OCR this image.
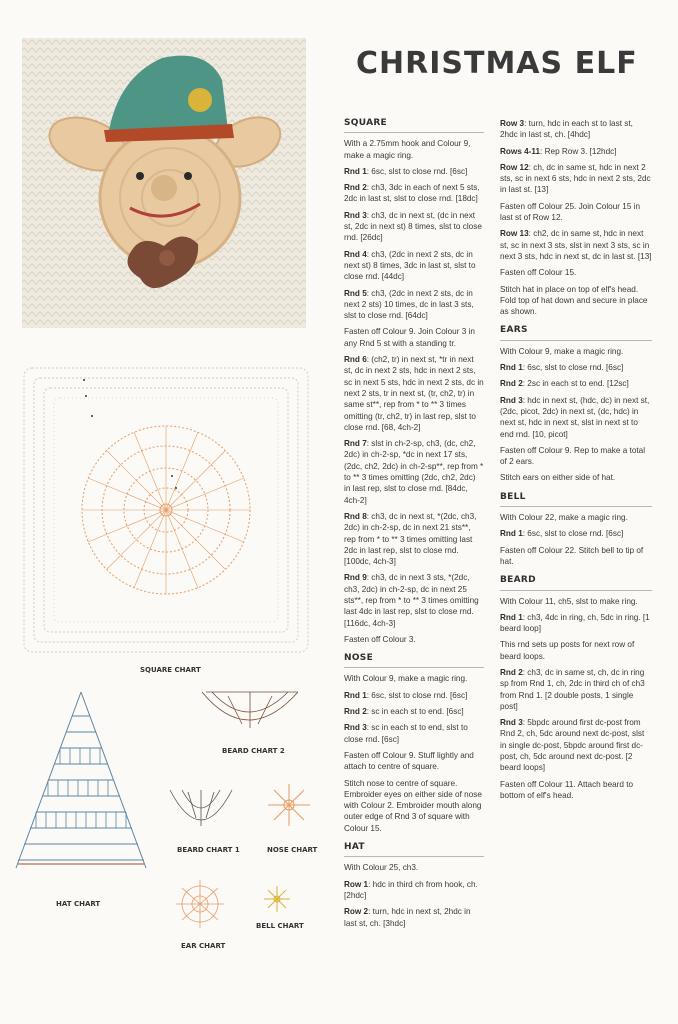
CHRISTMAS ELF
SQUARE CHART
HAT CHART
BEARD CHART 2
BEARD CHART 1	NOSE CHART
EAR CHART
BELL CHART
SQUARE

With a 2.75mm hook and Colour 9, make a magic ring.

Rnd 1: 6sc, slst to close rnd. [6sc]

Rnd 2: ch3, 3dc in each of next 5 sts, 2dc in last st, slst to close rnd. [18dc]

Rnd 3: ch3, dc in next st, (dc in next st, 2dc in next st) 8 times, slst to close rnd. [26dc]

Rnd 4: ch3, (2dc in next 2 sts, dc in next st) 8 times, 3dc in last st, slst to close rnd. [44dc]

Rnd 5: ch3, (2dc in next 2 sts, dc in next 2 sts) 10 times, dc in last 3 sts, slst to close rnd. [64dc]

Fasten off Colour 9. Join Colour 3 in any Rnd 5 st with a standing tr.

Rnd 6: (ch2, tr) in next st, *tr in next st, dc in next 2 sts, hdc in next 2 sts, sc in next 5 sts, hdc in next 2 sts, dc in next 2 sts, tr in next st, (tr, ch2, tr) in same st**, rep from * to ** 3 times omitting (tr, ch2, tr) in last rep, slst to close rnd. [68, 4ch-2]

Rnd 7: slst in ch-2-sp, ch3, (dc, ch2, 2dc) in ch-2-sp, *dc in next 17 sts, (2dc, ch2, 2dc) in ch-2-sp**, rep from * to ** 3 times omitting (2dc, ch2, 2dc) in last rep, slst to close rnd. [84dc, 4ch-2]

Rnd 8: ch3, dc in next st, *(2dc, ch3, 2dc) in ch-2-sp, dc in next 21 sts**, rep from * to ** 3 times omitting last 2dc in last rep, slst to close rnd. [100dc, 4ch-3]

Rnd 9: ch3, dc in next 3 sts, *(2dc, ch3, 2dc) in ch-2-sp, dc in next 25 sts**, rep from * to ** 3 times omitting last 4dc in last rep, slst to close rnd. [116dc, 4ch-3]

Fasten off Colour 3.

NOSE

With Colour 9, make a magic ring.

Rnd 1: 6sc, slst to close rnd. [6sc]

Rnd 2: sc in each st to end. [6sc]

Rnd 3: sc in each st to end, slst to close rnd. [6sc]

Fasten off Colour 9. Stuff lightly and attach to centre of square.

Stitch nose to centre of square. Embroider eyes on either side of nose with Colour 2. Embroider mouth along outer edge of Rnd 3 of square with Colour 15.

HAT

With Colour 25, ch3.

Row 1: hdc in third ch from hook, ch. [2hdc]

Row 2: turn, hdc in next st, 2hdc in last st, ch. [3hdc]

Row 3: turn, hdc in each st to last st, 2hdc in last st, ch. [4hdc]

Rows 4-11: Rep Row 3. [12hdc]

Row 12: ch, dc in same st, hdc in next 2 sts, sc in next 6 sts, hdc in next 2 sts, 2dc in last st. [13]

Fasten off Colour 25. Join Colour 15 in last st of Row 12.

Row 13: ch2, dc in same st, hdc in next st, sc in next 3 sts, slst in next 3 sts, sc in next 3 sts, hdc in next st, dc in last st. [13]

Fasten off Colour 15.

Stitch hat in place on top of elf's head. Fold top of hat down and secure in place as shown.

EARS

With Colour 9, make a magic ring.

Rnd 1: 6sc, slst to close rnd. [6sc]

Rnd 2: 2sc in each st to end. [12sc]

Rnd 3: hdc in next st, (hdc, dc) in next st, (2dc, picot, 2dc) in next st, (dc, hdc) in next st, hdc in next st, slst in next st to end rnd. [10, picot]

Fasten off Colour 9. Rep to make a total of 2 ears.

Stitch ears on either side of hat.

BELL

With Colour 22, make a magic ring.

Rnd 1: 6sc, slst to close rnd. [6sc]

Fasten off Colour 22. Stitch bell to tip of hat.

BEARD

With Colour 11, ch5, slst to make ring.

Rnd 1: ch3, 4dc in ring, ch, 5dc in ring. [1 beard loop]

This rnd sets up posts for next row of beard loops.

Rnd 2: ch3, dc in same st, ch, dc in ring sp from Rnd 1, ch, 2dc in third ch of ch3 from Rnd 1. [2 double posts, 1 single post]

Rnd 3: 5bpdc around first dc-post from Rnd 2, ch, 5dc around next dc-post, slst in single dc-post, 5bpdc around first dc-post, ch, 5dc around next dc-post. [2 beard loops]

Fasten off Colour 11. Attach beard to bottom of elf's head.
